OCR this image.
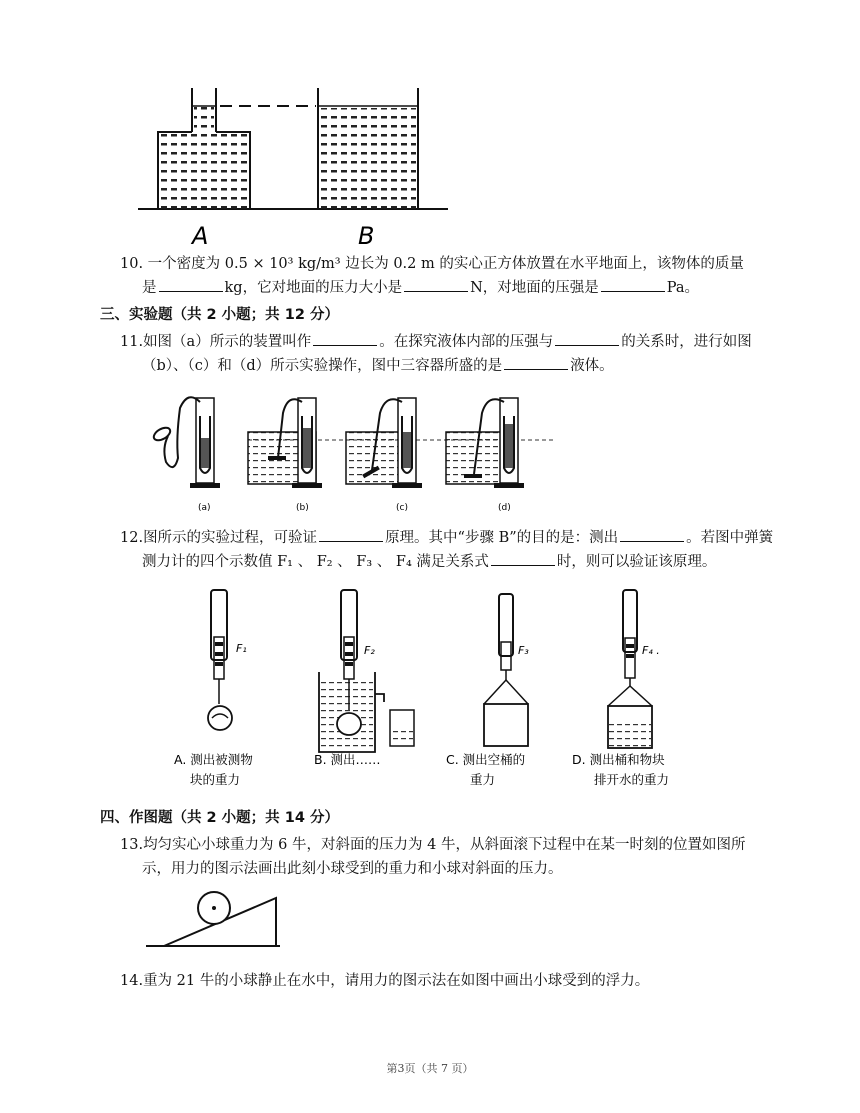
A	B
10. 一个密度为 0.5 × 10³ kg/m³ 边长为 0.2 m 的实心正方体放置在水平地面上，该物体的质量
是	kg，它对地面的压力大小是	N，对地面的压强是	Pa。
三、实验题（共 2 小题；共 12 分）
11.如图（a）所示的装置叫作	。在探究液体内部的压强与	的关系时，进行如图
（b）、（c）和（d）所示实验操作，图中三容器所盛的是	液体。
(a)	(b)	(c)	(d)
12.图所示的实验过程，可验证	原理。其中“步骤 B”的目的是：测出	。若图中弹簧
测力计的四个示数值 F₁ 、 F₂ 、 F₃ 、 F₄ 满足关系式	时，则可以验证该原理。
F₁	F₂	F₃	F₄ .
A. 测出被测物
块的重力
B. 测出……	C. 测出空桶的
重力
D. 测出桶和物块
排开水的重力
四、作图题（共 2 小题；共 14 分）
13.均匀实心小球重力为 6 牛，对斜面的压力为 4 牛，从斜面滚下过程中在某一时刻的位置如图所
示，用力的图示法画出此刻小球受到的重力和小球对斜面的压力。
14.重为 21 牛的小球静止在水中，请用力的图示法在如图中画出小球受到的浮力。
第3页（共 7 页）
